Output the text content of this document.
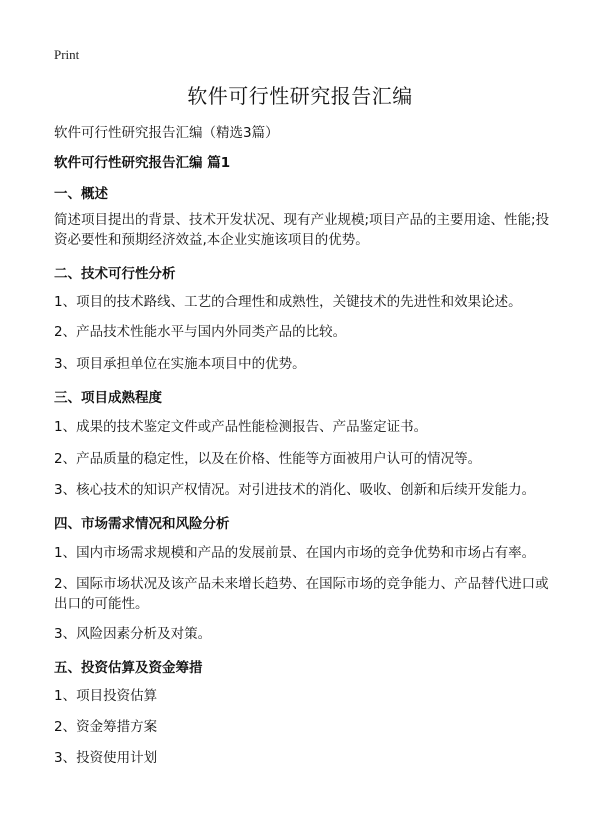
Print
软件可行性研究报告汇编

软件可行性研究报告汇编（精选3篇）

软件可行性研究报告汇编 篇1

一、概述

简述项目提出的背景、技术开发状况、现有产业规模;项目产品的主要用途、性能;投资必要性和预期经济效益,本企业实施该项目的优势。

二、技术可行性分析

1、项目的技术路线、工艺的合理性和成熟性，关键技术的先进性和效果论述。

2、产品技术性能水平与国内外同类产品的比较。

3、项目承担单位在实施本项目中的优势。

三、项目成熟程度

1、成果的技术鉴定文件或产品性能检测报告、产品鉴定证书。

2、产品质量的稳定性，以及在价格、性能等方面被用户认可的情况等。

3、核心技术的知识产权情况。对引进技术的消化、吸收、创新和后续开发能力。

四、市场需求情况和风险分析

1、国内市场需求规模和产品的发展前景、在国内市场的竞争优势和市场占有率。

2、国际市场状况及该产品未来增长趋势、在国际市场的竞争能力、产品替代进口或出口的可能性。

3、风险因素分析及对策。

五、投资估算及资金筹措

1、项目投资估算

2、资金筹措方案

3、投资使用计划
